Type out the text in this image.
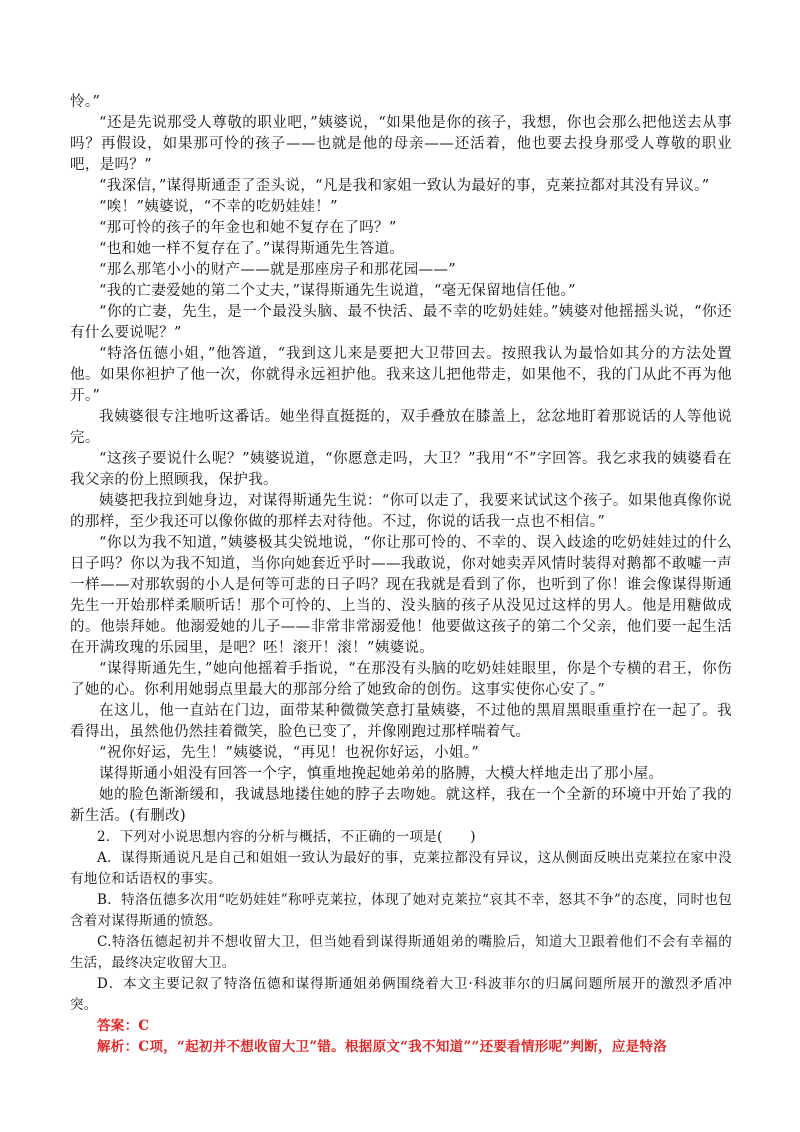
怜。”

“还是先说那受人尊敬的职业吧，”姨婆说，“如果他是你的孩子，我想，你也会那么把他送去从事吗？再假设，如果那可怜的孩子——也就是他的母亲——还活着，他也要去投身那受人尊敬的职业吧，是吗？”

“我深信，”谋得斯通歪了歪头说，“凡是我和家姐一致认为最好的事，克莱拉都对其没有异议。”

“唉！”姨婆说，“不幸的吃奶娃娃！”

“那可怜的孩子的年金也和她不复存在了吗？”

“也和她一样不复存在了。”谋得斯通先生答道。

“那么那笔小小的财产——就是那座房子和那花园——”

“我的亡妻爱她的第二个丈夫，”谋得斯通先生说道，“毫无保留地信任他。”

“你的亡妻，先生，是一个最没头脑、最不快活、最不幸的吃奶娃娃。”姨婆对他摇摇头说，“你还有什么要说呢？”

“特洛伍德小姐，”他答道，“我到这儿来是要把大卫带回去。按照我认为最恰如其分的方法处置他。如果你袒护了他一次，你就得永远袒护他。我来这儿把他带走，如果他不，我的门从此不再为他开。”

我姨婆很专注地听这番话。她坐得直挺挺的，双手叠放在膝盖上，忿忿地盯着那说话的人等他说完。

“这孩子要说什么呢？”姨婆说道，“你愿意走吗，大卫？”我用“不”字回答。我乞求我的姨婆看在我父亲的份上照顾我，保护我。

姨婆把我拉到她身边，对谋得斯通先生说：“你可以走了，我要来试试这个孩子。如果他真像你说的那样，至少我还可以像你做的那样去对待他。不过，你说的话我一点也不相信。”

“你以为我不知道，”姨婆极其尖锐地说，“你让那可怜的、不幸的、误入歧途的吃奶娃娃过的什么日子吗？你以为我不知道，当你向她套近乎时——我敢说，你对她卖弄风情时装得对鹅都不敢嘘一声一样——对那软弱的小人是何等可悲的日子吗？现在我就是看到了你，也听到了你！谁会像谋得斯通先生一开始那样柔顺听话！那个可怜的、上当的、没头脑的孩子从没见过这样的男人。他是用糖做成的。他崇拜她。他溺爱她的儿子——非常非常溺爱他！他要做这孩子的第二个父亲，他们要一起生活在开满玫瑰的乐园里，是吧？呸！滚开！滚！”姨婆说。

“谋得斯通先生，”她向他摇着手指说，“在那没有头脑的吃奶娃娃眼里，你是个专横的君王，你伤了她的心。你利用她弱点里最大的那部分给了她致命的创伤。这事实使你心安了。”

在这儿，他一直站在门边，面带某种微微笑意打量姨婆，不过他的黑眉黑眼重重拧在一起了。我看得出，虽然他仍然挂着微笑，脸色已变了，并像刚跑过那样喘着气。

“祝你好运，先生！”姨婆说，“再见！也祝你好运，小姐。”

谋得斯通小姐没有回答一个字，慎重地挽起她弟弟的胳膊，大模大样地走出了那小屋。

她的脸色渐渐缓和，我诚恳地搂住她的脖子去吻她。就这样，我在一个全新的环境中开始了我的新生活。(有删改)

2．下列对小说思想内容的分析与概括，不正确的一项是(　　)

A．谋得斯通说凡是自己和姐姐一致认为最好的事，克莱拉都没有异议，这从侧面反映出克莱拉在家中没有地位和话语权的事实。

B．特洛伍德多次用“吃奶娃娃”称呼克莱拉，体现了她对克莱拉“哀其不幸，怒其不争”的态度，同时也包含着对谋得斯通的愤怒。

C.特洛伍德起初并不想收留大卫，但当她看到谋得斯通姐弟的嘴脸后，知道大卫跟着他们不会有幸福的生活，最终决定收留大卫。

D．本文主要记叙了特洛伍德和谋得斯通姐弟俩围绕着大卫·科波菲尔的归属问题所展开的激烈矛盾冲突。

答案：C

解析：C项，“起初并不想收留大卫”错。根据原文“我不知道”“还要看情形呢”判断，应是特洛
